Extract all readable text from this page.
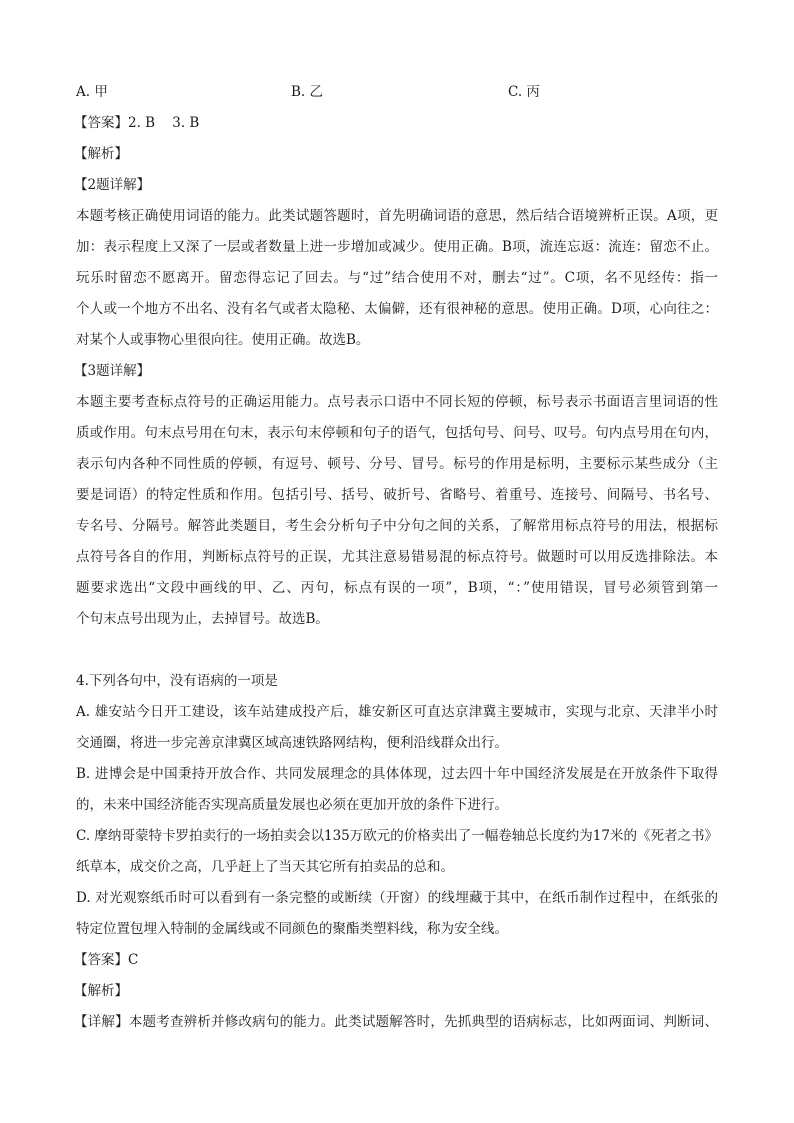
A. 甲	B. 乙	C. 丙
【答案】2. B    3. B
【解析】
【2题详解】
本题考核正确使用词语的能力。此类试题答题时，首先明确词语的意思，然后结合语境辨析正误。A项，更
加：表示程度上又深了一层或者数量上进一步增加或减少。使用正确。B项，流连忘返：流连：留恋不止。
玩乐时留恋不愿离开。留恋得忘记了回去。与“过”结合使用不对，删去“过”。C项，名不见经传：指一
个人或一个地方不出名、没有名气或者太隐秘、太偏僻，还有很神秘的意思。使用正确。D项，心向往之：
对某个人或事物心里很向往。使用正确。故选B。
【3题详解】
本题主要考查标点符号的正确运用能力。点号表示口语中不同长短的停顿，标号表示书面语言里词语的性
质或作用。句末点号用在句末，表示句末停顿和句子的语气，包括句号、问号、叹号。句内点号用在句内，
表示句内各种不同性质的停顿，有逗号、顿号、分号、冒号。标号的作用是标明，主要标示某些成分（主
要是词语）的特定性质和作用。包括引号、括号、破折号、省略号、着重号、连接号、间隔号、书名号、
专名号、分隔号。解答此类题目，考生会分析句子中分句之间的关系，了解常用标点符号的用法，根据标
点符号各自的作用，判断标点符号的正误，尤其注意易错易混的标点符号。做题时可以用反选排除法。本
题要求选出“文段中画线的甲、乙、丙句，标点有误的一项”，B项，“：”使用错误，冒号必须管到第一
个句末点号出现为止，去掉冒号。故选B。
4.下列各句中，没有语病的一项是
A. 雄安站今日开工建设，该车站建成投产后，雄安新区可直达京津冀主要城市，实现与北京、天津半小时
交通圈，将进一步完善京津冀区域高速铁路网结构，便利沿线群众出行。
B. 进博会是中国秉持开放合作、共同发展理念的具体体现，过去四十年中国经济发展是在开放条件下取得
的，未来中国经济能否实现高质量发展也必须在更加开放的条件下进行。
C. 摩纳哥蒙特卡罗拍卖行的一场拍卖会以135万欧元的价格卖出了一幅卷轴总长度约为17米的《死者之书》
纸草本，成交价之高，几乎赶上了当天其它所有拍卖品的总和。
D. 对光观察纸币时可以看到有一条完整的或断续（开窗）的线埋藏于其中，在纸币制作过程中，在纸张的
特定位置包埋入特制的金属线或不同颜色的聚酯类塑料线，称为安全线。
【答案】C
【解析】
【详解】本题考查辨析并修改病句的能力。此类试题解答时，先抓典型的语病标志，比如两面词、判断词、
